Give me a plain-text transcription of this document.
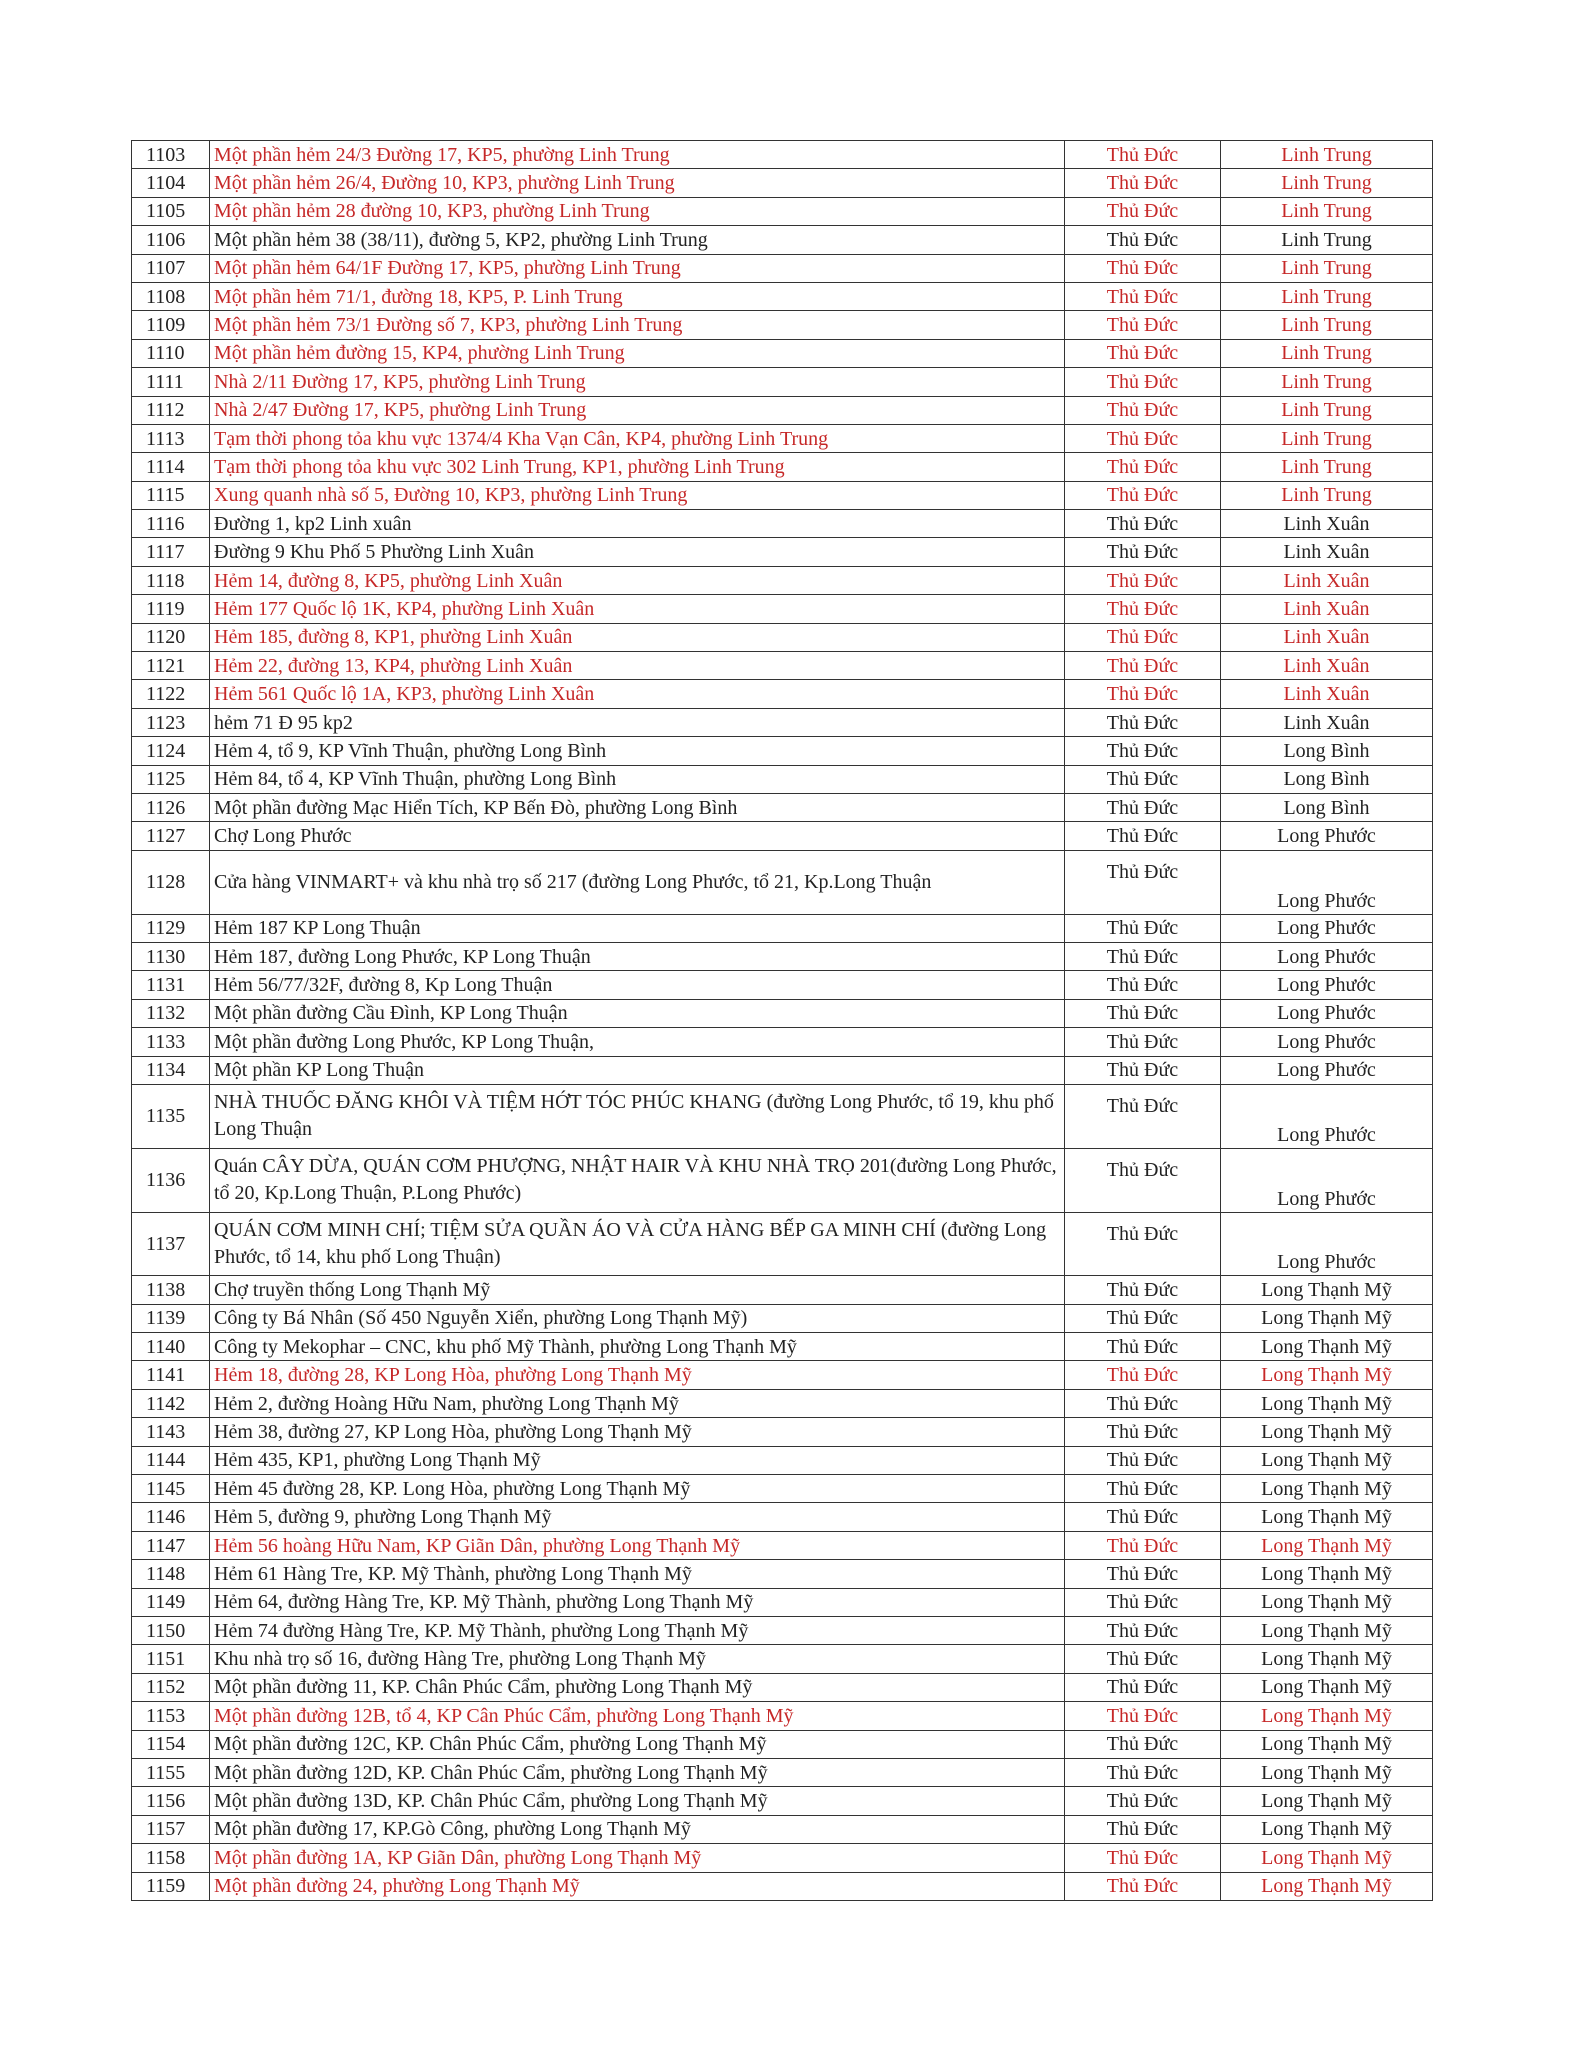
1103	Một phần hẻm 24/3 Đường 17, KP5, phường Linh Trung	Thủ Đức	Linh Trung
1104	Một phần hẻm 26/4, Đường 10, KP3, phường Linh Trung	Thủ Đức	Linh Trung
1105	Một phần hẻm 28 đường 10, KP3, phường Linh Trung	Thủ Đức	Linh Trung
1106	Một phần hẻm 38 (38/11), đường 5, KP2, phường Linh Trung	Thủ Đức	Linh Trung
1107	Một phần hẻm 64/1F Đường 17, KP5, phường Linh Trung	Thủ Đức	Linh Trung
1108	Một phần hẻm 71/1, đường 18, KP5, P. Linh Trung	Thủ Đức	Linh Trung
1109	Một phần hẻm 73/1 Đường số 7, KP3, phường Linh Trung	Thủ Đức	Linh Trung
1110	Một phần hẻm đường 15, KP4, phường Linh Trung	Thủ Đức	Linh Trung
1111	Nhà 2/11 Đường 17, KP5, phường Linh Trung	Thủ Đức	Linh Trung
1112	Nhà 2/47 Đường 17, KP5, phường Linh Trung	Thủ Đức	Linh Trung
1113	Tạm thời phong tỏa khu vực 1374/4 Kha Vạn Cân, KP4, phường Linh Trung	Thủ Đức	Linh Trung
1114	Tạm thời phong tỏa khu vực 302 Linh Trung, KP1, phường Linh Trung	Thủ Đức	Linh Trung
1115	Xung quanh nhà số 5, Đường 10, KP3, phường Linh Trung	Thủ Đức	Linh Trung
1116	Đường 1, kp2 Linh xuân	Thủ Đức	Linh Xuân
1117	Đường 9 Khu Phố 5 Phường Linh Xuân	Thủ Đức	Linh Xuân
1118	Hẻm 14, đường 8, KP5, phường Linh Xuân	Thủ Đức	Linh Xuân
1119	Hẻm 177 Quốc lộ 1K, KP4, phường Linh Xuân	Thủ Đức	Linh Xuân
1120	Hẻm 185, đường 8, KP1, phường Linh Xuân	Thủ Đức	Linh Xuân
1121	Hẻm 22, đường 13, KP4, phường Linh Xuân	Thủ Đức	Linh Xuân
1122	Hẻm 561 Quốc lộ 1A, KP3, phường Linh Xuân	Thủ Đức	Linh Xuân
1123	hẻm 71 Đ 95 kp2	Thủ Đức	Linh Xuân
1124	Hẻm 4, tổ 9, KP Vĩnh Thuận, phường Long Bình	Thủ Đức	Long Bình
1125	Hẻm 84, tổ 4, KP Vĩnh Thuận, phường Long Bình	Thủ Đức	Long Bình
1126	Một phần đường Mạc Hiển Tích, KP Bến Đò, phường Long Bình	Thủ Đức	Long Bình
1127	Chợ Long Phước	Thủ Đức	Long Phước
1128	Cửa hàng VINMART+ và khu nhà trọ số 217 (đường Long Phước, tổ 21, Kp.Long Thuận	Thủ Đức	Long Phước
1129	Hẻm 187 KP Long Thuận	Thủ Đức	Long Phước
1130	Hẻm 187, đường Long Phước, KP Long Thuận	Thủ Đức	Long Phước
1131	Hẻm 56/77/32F, đường 8, Kp Long Thuận	Thủ Đức	Long Phước
1132	Một phần đường Cầu Đình, KP Long Thuận	Thủ Đức	Long Phước
1133	Một phần đường Long Phước, KP Long Thuận,	Thủ Đức	Long Phước
1134	Một phần KP Long Thuận	Thủ Đức	Long Phước
1135	NHÀ THUỐC ĐĂNG KHÔI VÀ TIỆM HỚT TÓC PHÚC KHANG (đường Long Phước, tổ 19, khu phố Long Thuận	Thủ Đức	Long Phước
1136	Quán CÂY DỪA, QUÁN CƠM PHƯỢNG, NHẬT HAIR VÀ KHU NHÀ TRỌ 201(đường Long Phước, tổ 20, Kp.Long Thuận, P.Long Phước)	Thủ Đức	Long Phước
1137	QUÁN CƠM MINH CHÍ; TIỆM SỬA QUẦN ÁO VÀ CỬA HÀNG BẾP GA MINH CHÍ (đường Long Phước, tổ 14, khu phố Long Thuận)	Thủ Đức	Long Phước
1138	Chợ truyền thống Long Thạnh Mỹ	Thủ Đức	Long Thạnh Mỹ
1139	Công ty Bá Nhân (Số 450 Nguyễn Xiển, phường Long Thạnh Mỹ)	Thủ Đức	Long Thạnh Mỹ
1140	Công ty Mekophar – CNC, khu phố Mỹ Thành, phường Long Thạnh Mỹ	Thủ Đức	Long Thạnh Mỹ
1141	Hẻm 18, đường 28, KP Long Hòa, phường Long Thạnh Mỹ	Thủ Đức	Long Thạnh Mỹ
1142	Hẻm 2, đường Hoàng Hữu Nam, phường Long Thạnh Mỹ	Thủ Đức	Long Thạnh Mỹ
1143	Hẻm 38, đường 27, KP Long Hòa, phường Long Thạnh Mỹ	Thủ Đức	Long Thạnh Mỹ
1144	Hẻm 435, KP1, phường Long Thạnh Mỹ	Thủ Đức	Long Thạnh Mỹ
1145	Hẻm 45 đường 28, KP. Long Hòa, phường Long Thạnh Mỹ	Thủ Đức	Long Thạnh Mỹ
1146	Hẻm 5, đường 9, phường Long Thạnh Mỹ	Thủ Đức	Long Thạnh Mỹ
1147	Hẻm 56 hoàng Hữu Nam, KP Giãn Dân, phường Long Thạnh Mỹ	Thủ Đức	Long Thạnh Mỹ
1148	Hẻm 61 Hàng Tre, KP. Mỹ Thành, phường Long Thạnh Mỹ	Thủ Đức	Long Thạnh Mỹ
1149	Hẻm 64, đường Hàng Tre, KP. Mỹ Thành, phường Long Thạnh Mỹ	Thủ Đức	Long Thạnh Mỹ
1150	Hẻm 74 đường Hàng Tre, KP. Mỹ Thành, phường Long Thạnh Mỹ	Thủ Đức	Long Thạnh Mỹ
1151	Khu nhà trọ số 16, đường Hàng Tre, phường Long Thạnh Mỹ	Thủ Đức	Long Thạnh Mỹ
1152	Một phần đường 11, KP. Chân Phúc Cẩm, phường Long Thạnh Mỹ	Thủ Đức	Long Thạnh Mỹ
1153	Một phần đường 12B, tổ 4, KP Cân Phúc Cẩm, phường Long Thạnh Mỹ	Thủ Đức	Long Thạnh Mỹ
1154	Một phần đường 12C, KP. Chân Phúc Cẩm, phường Long Thạnh Mỹ	Thủ Đức	Long Thạnh Mỹ
1155	Một phần đường 12D, KP. Chân Phúc Cẩm, phường Long Thạnh Mỹ	Thủ Đức	Long Thạnh Mỹ
1156	Một phần đường 13D, KP. Chân Phúc Cẩm, phường Long Thạnh Mỹ	Thủ Đức	Long Thạnh Mỹ
1157	Một phần đường 17, KP.Gò Công, phường Long Thạnh Mỹ	Thủ Đức	Long Thạnh Mỹ
1158	Một phần đường 1A, KP Giãn Dân, phường Long Thạnh Mỹ	Thủ Đức	Long Thạnh Mỹ
1159	Một phần đường 24, phường Long Thạnh Mỹ	Thủ Đức	Long Thạnh Mỹ
